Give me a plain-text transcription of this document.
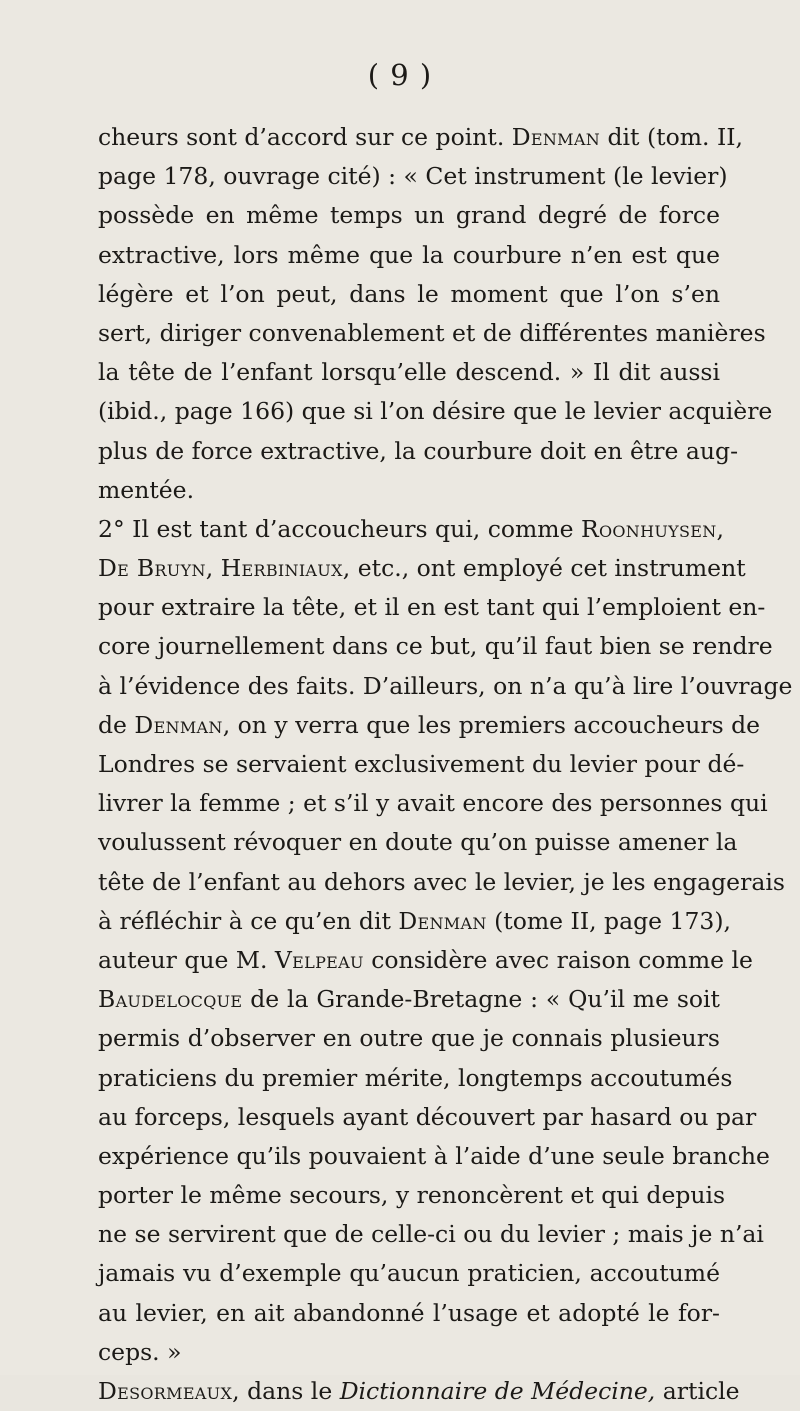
( 9 )
cheurs sont d’accord sur ce point. Denman dit (tom. II,
page 178, ouvrage cité) : « Cet instrument (le levier)
possède en même temps un grand degré de force
extractive, lors même que la courbure n’en est que
légère et l’on peut, dans le moment que l’on s’en
sert, diriger convenablement et de différentes manières
la tête de l’enfant lorsqu’elle descend. » Il dit aussi
(ibid., page 166) que si l’on désire que le levier acquière
plus de force extractive, la courbure doit en être aug-
mentée.
2° Il est tant d’accoucheurs qui, comme Roonhuysen,
De Bruyn, Herbiniaux, etc., ont employé cet instrument
pour extraire la tête, et il en est tant qui l’emploient en-
core journellement dans ce but, qu’il faut bien se rendre
à l’évidence des faits. D’ailleurs, on n’a qu’à lire l’ouvrage
de Denman, on y verra que les premiers accoucheurs de
Londres se servaient exclusivement du levier pour dé-
livrer la femme ; et s’il y avait encore des personnes qui
voulussent révoquer en doute qu’on puisse amener la
tête de l’enfant au dehors avec le levier, je les engagerais
à réfléchir à ce qu’en dit Denman (tome II, page 173),
auteur que M. Velpeau considère avec raison comme le
Baudelocque de la Grande-Bretagne : « Qu’il me soit
permis d’observer en outre que je connais plusieurs
praticiens du premier mérite, longtemps accoutumés
au forceps, lesquels ayant découvert par hasard ou par
expérience qu’ils pouvaient à l’aide d’une seule branche
porter le même secours, y renoncèrent et qui depuis
ne se servirent que de celle-ci ou du levier ; mais je n’ai
jamais vu d’exemple qu’aucun praticien, accoutumé
au levier, en ait abandonné l’usage et adopté le for-
ceps. »
Desormeaux, dans le Dictionnaire de Médecine, article
